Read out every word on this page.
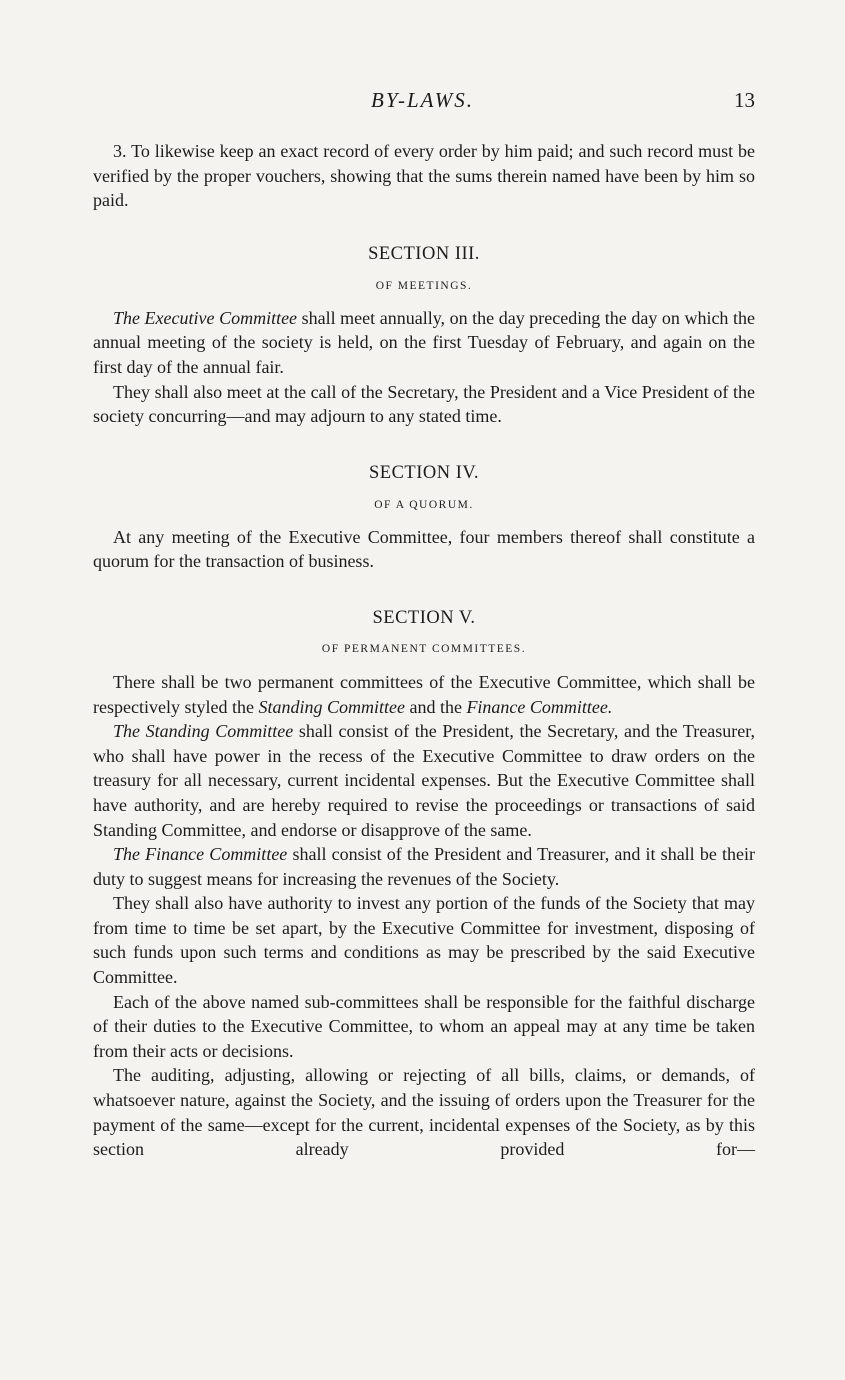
BY-LAWS.	13

3. To likewise keep an exact record of every order by him paid; and such record must be verified by the proper vouchers, showing that the sums therein named have been by him so paid.

SECTION III.
OF MEETINGS.

The Executive Committee shall meet annually, on the day preceding the day on which the annual meeting of the society is held, on the first Tuesday of February, and again on the first day of the annual fair.

They shall also meet at the call of the Secretary, the President and a Vice President of the society concurring—and may adjourn to any stated time.

SECTION IV.
OF A QUORUM.

At any meeting of the Executive Committee, four members thereof shall constitute a quorum for the transaction of business.

SECTION V.
OF PERMANENT COMMITTEES.

There shall be two permanent committees of the Executive Committee, which shall be respectively styled the Standing Committee and the Finance Committee.

The Standing Committee shall consist of the President, the Secretary, and the Treasurer, who shall have power in the recess of the Executive Committee to draw orders on the treasury for all necessary, current incidental expenses. But the Executive Committee shall have authority, and are hereby required to revise the proceedings or transactions of said Standing Committee, and endorse or disapprove of the same.

The Finance Committee shall consist of the President and Treasurer, and it shall be their duty to suggest means for increasing the revenues of the Society.

They shall also have authority to invest any portion of the funds of the Society that may from time to time be set apart, by the Executive Committee for investment, disposing of such funds upon such terms and conditions as may be prescribed by the said Executive Committee.

Each of the above named sub-committees shall be responsible for the faithful discharge of their duties to the Executive Committee, to whom an appeal may at any time be taken from their acts or decisions.

The auditing, adjusting, allowing or rejecting of all bills, claims, or demands, of whatsoever nature, against the Society, and the issuing of orders upon the Treasurer for the payment of the same—except for the current, incidental expenses of the Society, as by this section already provided for—
